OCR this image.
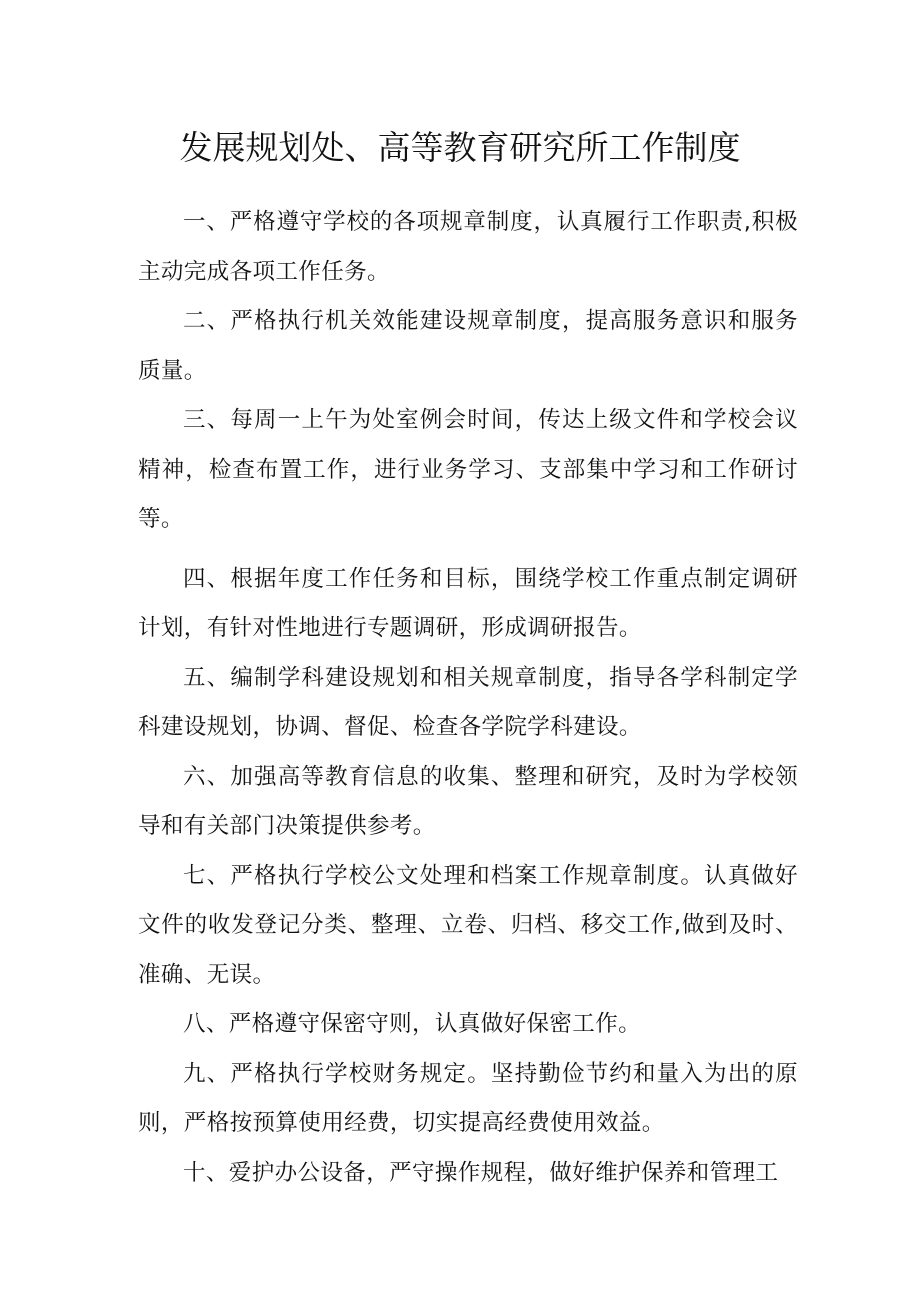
发展规划处、高等教育研究所工作制度

一、严格遵守学校的各项规章制度，认真履行工作职责,积极主动完成各项工作任务。

二、严格执行机关效能建设规章制度，提高服务意识和服务质量。

三、每周一上午为处室例会时间，传达上级文件和学校会议精神，检查布置工作，进行业务学习、支部集中学习和工作研讨等。

四、根据年度工作任务和目标，围绕学校工作重点制定调研计划，有针对性地进行专题调研，形成调研报告。

五、编制学科建设规划和相关规章制度，指导各学科制定学科建设规划，协调、督促、检查各学院学科建设。

六、加强高等教育信息的收集、整理和研究，及时为学校领导和有关部门决策提供参考。

七、严格执行学校公文处理和档案工作规章制度。认真做好文件的收发登记分类、整理、立卷、归档、移交工作,做到及时、准确、无误。

八、严格遵守保密守则，认真做好保密工作。

九、严格执行学校财务规定。坚持勤俭节约和量入为出的原则，严格按预算使用经费，切实提高经费使用效益。

十、爱护办公设备，严守操作规程，做好维护保养和管理工
